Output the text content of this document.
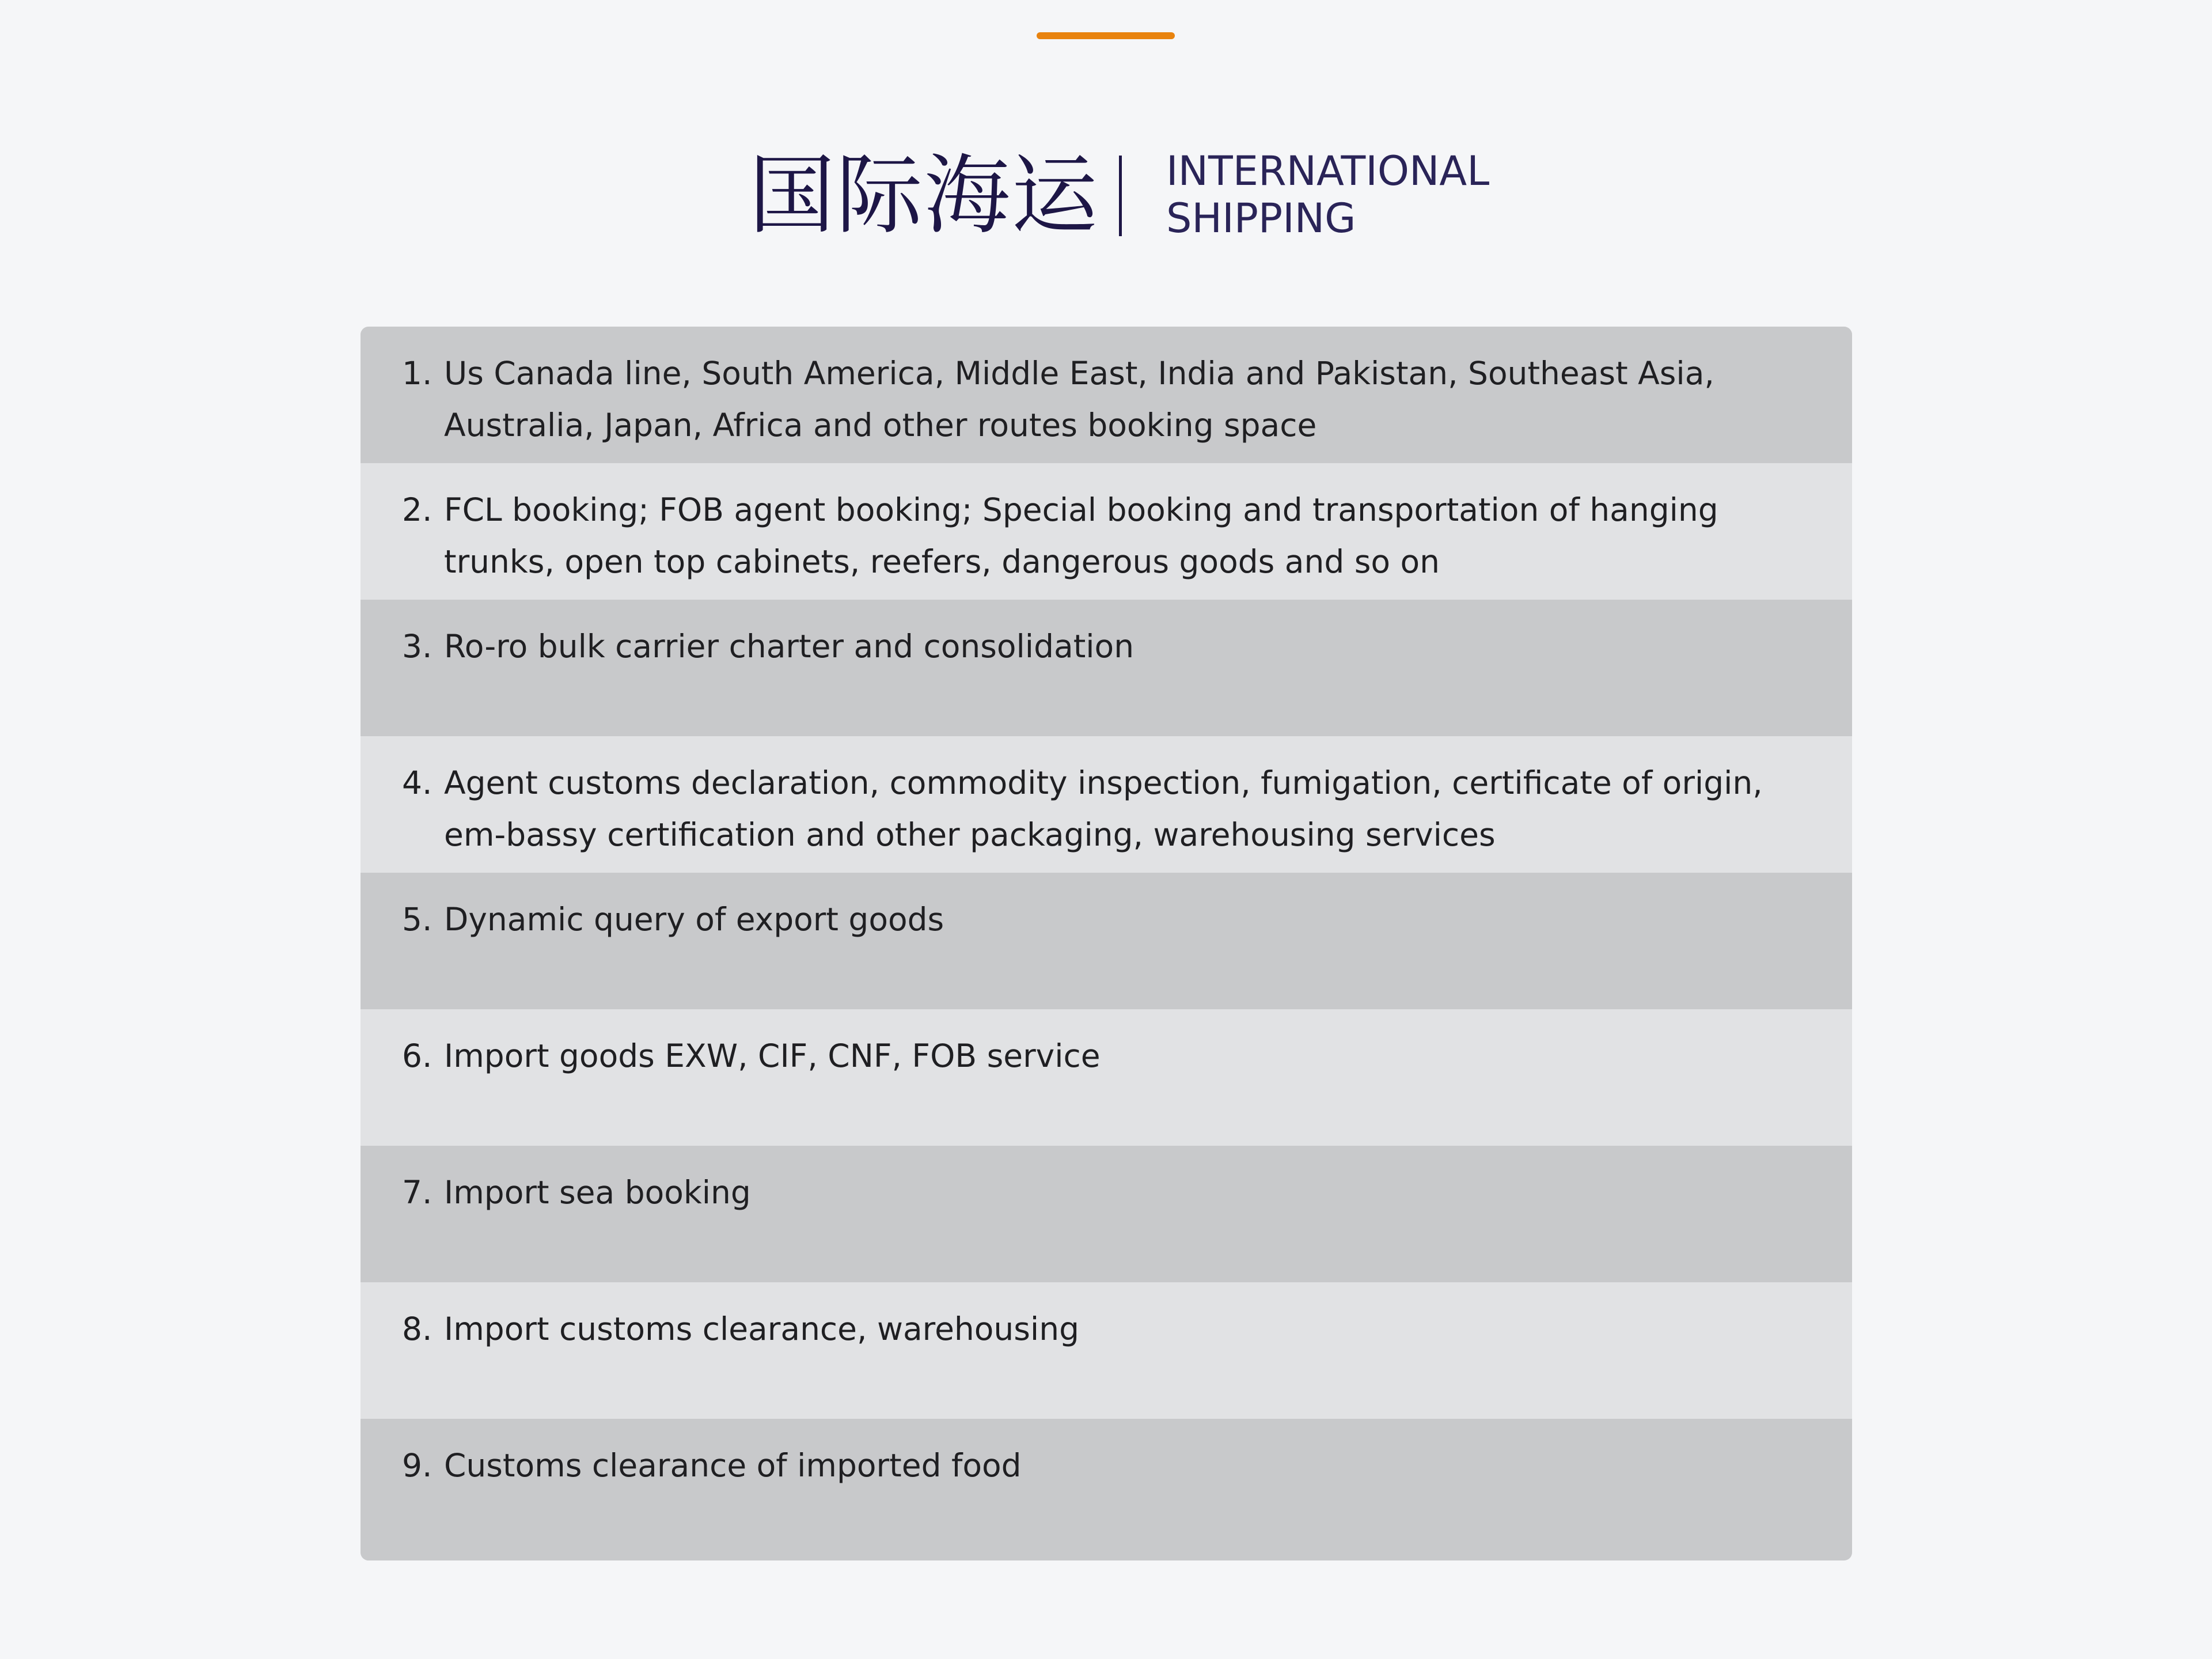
国际海运 INTERNATIONAL
SHIPPING
1. Us Canada line, South America, Middle East, India and Pakistan, Southeast Asia, Australia, Japan, Africa and other routes booking space
2. FCL booking; FOB agent booking; Special booking and transportation of hanging trunks, open top cabinets, reefers, dangerous goods and so on
3. Ro-ro bulk carrier charter and consolidation
4. Agent customs declaration, commodity inspection, fumigation, certificate of origin, em-bassy certification and other packaging, warehousing services
5. Dynamic query of export goods
6. Import goods EXW, CIF, CNF, FOB service
7. Import sea booking
8. Import customs clearance, warehousing
9. Customs clearance of imported food
